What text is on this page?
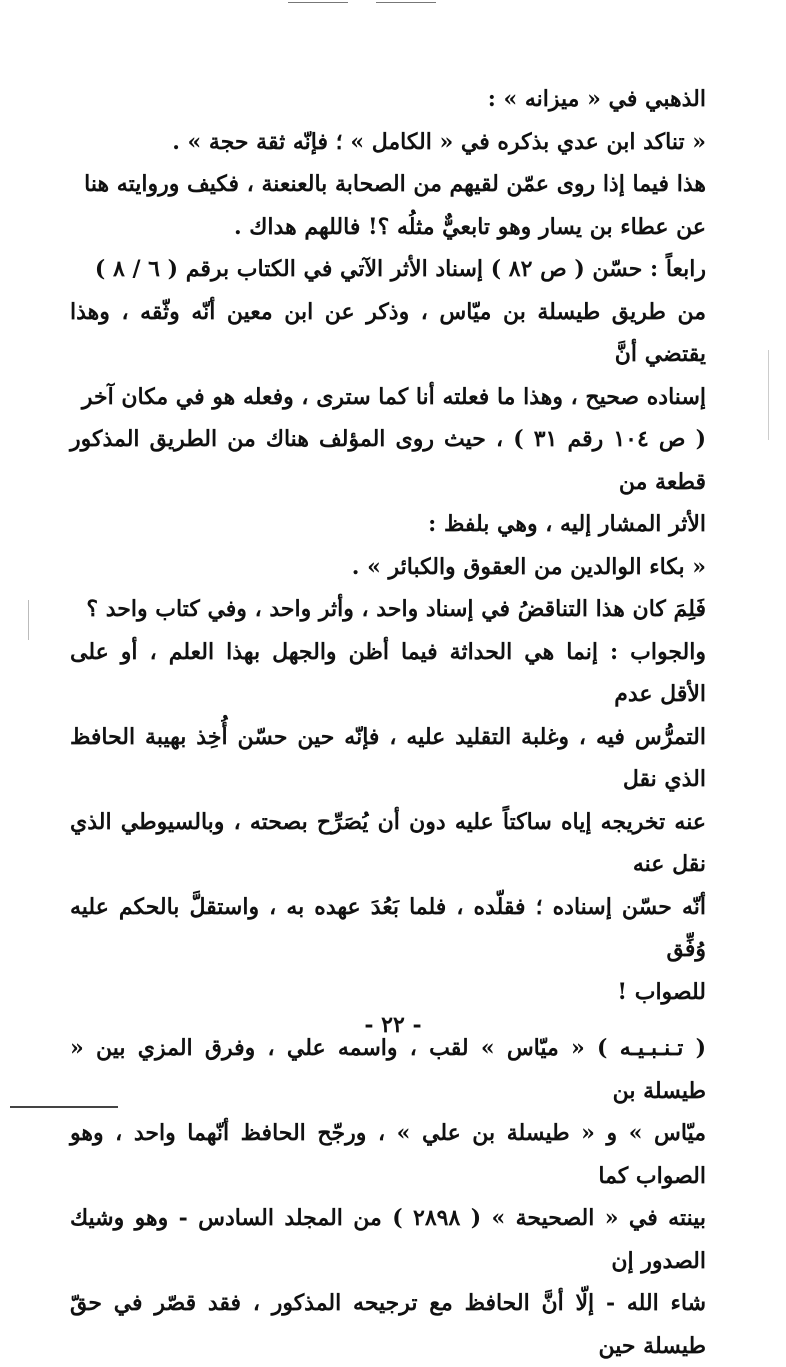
الذهبي في « ميزانه » :

« تناكد ابن عدي بذكره في « الكامل » ؛ فإنّه ثقة حجة » .

هذا فيما إذا روى عمّن لقيهم من الصحابة بالعنعنة ، فكيف وروايته هنا

عن عطاء بن يسار وهو تابعيٌّ مثلُه ؟! فاللهم هداك .

رابعاً : حسّن ( ص ٨٢ ) إسناد الأثر الآتي في الكتاب برقم ( ٦ / ٨ )

من طريق طيسلة بن ميّاس ، وذكر عن ابن معين أنّه وثّقه ، وهذا يقتضي أنَّ

إسناده صحيح ، وهذا ما فعلته أنا كما سترى ، وفعله هو في مكان آخر

( ص ١٠٤ رقم ٣١ ) ، حيث روى المؤلف هناك من الطريق المذكور قطعة من

الأثر المشار إليه ، وهي بلفظ :

« بكاء الوالدين من العقوق والكبائر » .

فَلِمَ كان هذا التناقضُ في إسناد واحد ، وأثر واحد ، وفي كتاب واحد ؟

والجواب : إنما هي الحداثة فيما أظن والجهل بهذا العلم ، أو على الأقل عدم

التمرُّس فيه ، وغلبة التقليد عليه ، فإنّه حين حسّن أُخِذ بهيبة الحافظ الذي نقل

عنه تخريجه إياه ساكتاً عليه دون أن يُصَرِّح بصحته ، وبالسيوطي الذي نقل عنه

أنّه حسّن إسناده ؛ فقلّده ، فلما بَعُدَ عهده به ، واستقلَّ بالحكم عليه وُفِّق

للصواب !

( تـنـبـيـه ) « ميّاس » لقب ، واسمه علي ، وفرق المزي بين « طيسلة بن

ميّاس » و « طيسلة بن علي » ، ورجّح الحافظ أنّهما واحد ، وهو الصواب كما

بينته في « الصحيحة » ( ٢٨٩٨ ) من المجلد السادس - وهو وشيك الصدور إن

شاء الله - إلّا أنَّ الحافظ مع ترجيحه المذكور ، فقد قصّر في حقّ طيسلة حين

- ٢٢ -
